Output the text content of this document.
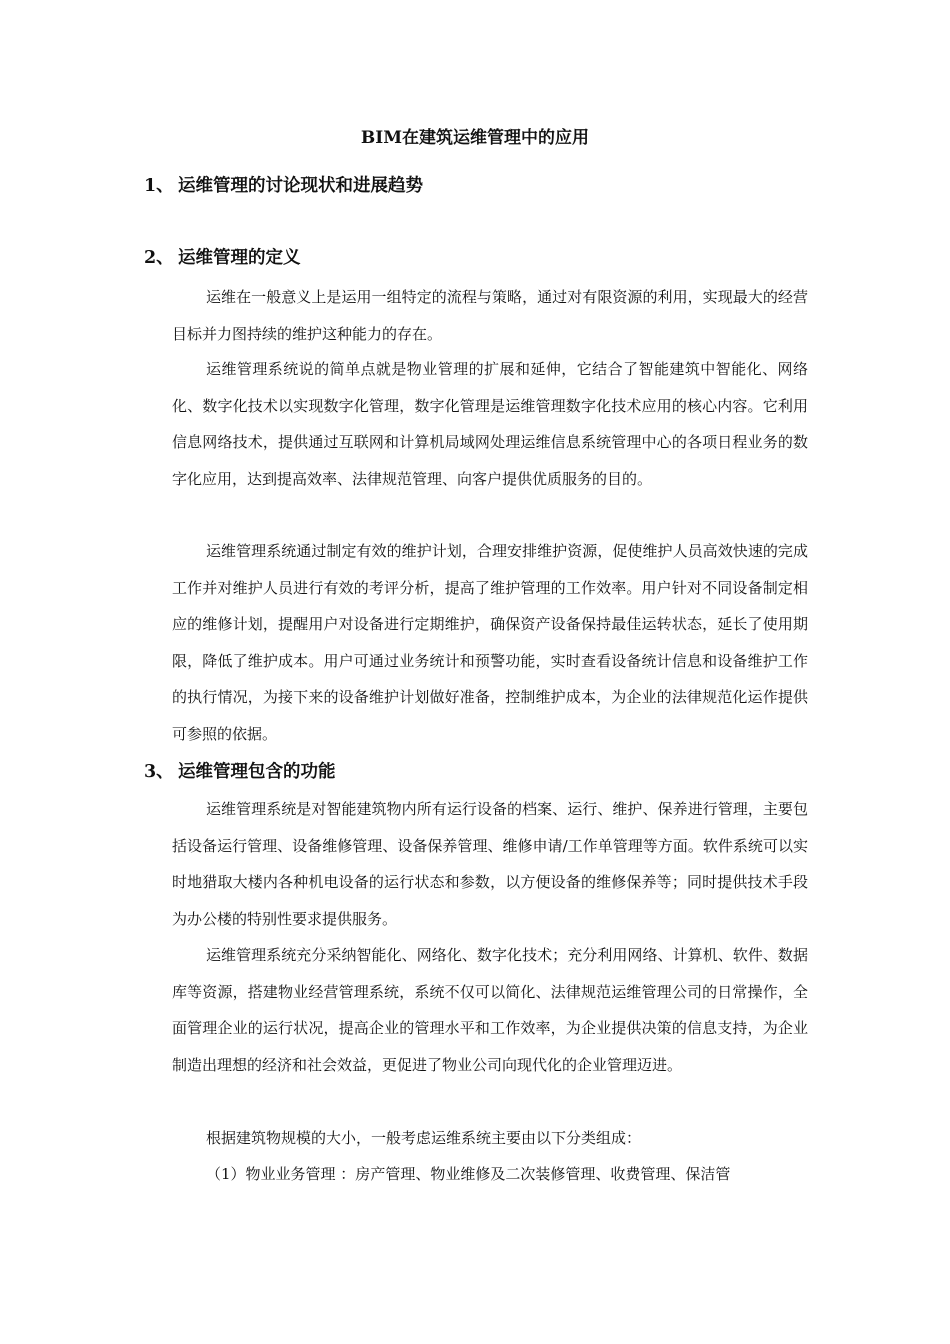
BIM在建筑运维管理中的应用
1、 运维管理的讨论现状和进展趋势
2、 运维管理的定义

运维在一般意义上是运用一组特定的流程与策略，通过对有限资源的利用，实现最大的经营目标并力图持续的维护这种能力的存在。

运维管理系统说的简单点就是物业管理的扩展和延伸，它结合了智能建筑中智能化、网络化、数字化技术以实现数字化管理，数字化管理是运维管理数字化技术应用的核心内容。它利用信息网络技术，提供通过互联网和计算机局域网处理运维信息系统管理中心的各项日程业务的数字化应用，达到提高效率、法律规范管理、向客户提供优质服务的目的。

运维管理系统通过制定有效的维护计划，合理安排维护资源，促使维护人员高效快速的完成工作并对维护人员进行有效的考评分析，提高了维护管理的工作效率。用户针对不同设备制定相应的维修计划，提醒用户对设备进行定期维护，确保资产设备保持最佳运转状态，延长了使用期限，降低了维护成本。用户可通过业务统计和预警功能，实时查看设备统计信息和设备维护工作的执行情况，为接下来的设备维护计划做好准备，控制维护成本，为企业的法律规范化运作提供可参照的依据。

3、 运维管理包含的功能

运维管理系统是对智能建筑物内所有运行设备的档案、运行、维护、保养进行管理，主要包括设备运行管理、设备维修管理、设备保养管理、维修申请/工作单管理等方面。软件系统可以实时地猎取大楼内各种机电设备的运行状态和参数，以方便设备的维修保养等；同时提供技术手段为办公楼的特别性要求提供服务。

运维管理系统充分采纳智能化、网络化、数字化技术；充分利用网络、计算机、软件、数据库等资源，搭建物业经营管理系统，系统不仅可以简化、法律规范运维管理公司的日常操作，全面管理企业的运行状况，提高企业的管理水平和工作效率，为企业提供决策的信息支持，为企业制造出理想的经济和社会效益，更促进了物业公司向现代化的企业管理迈进。

根据建筑物规模的大小，一般考虑运维系统主要由以下分类组成：

（1）物业业务管理 ：房产管理、物业维修及二次装修管理、收费管理、保洁管
